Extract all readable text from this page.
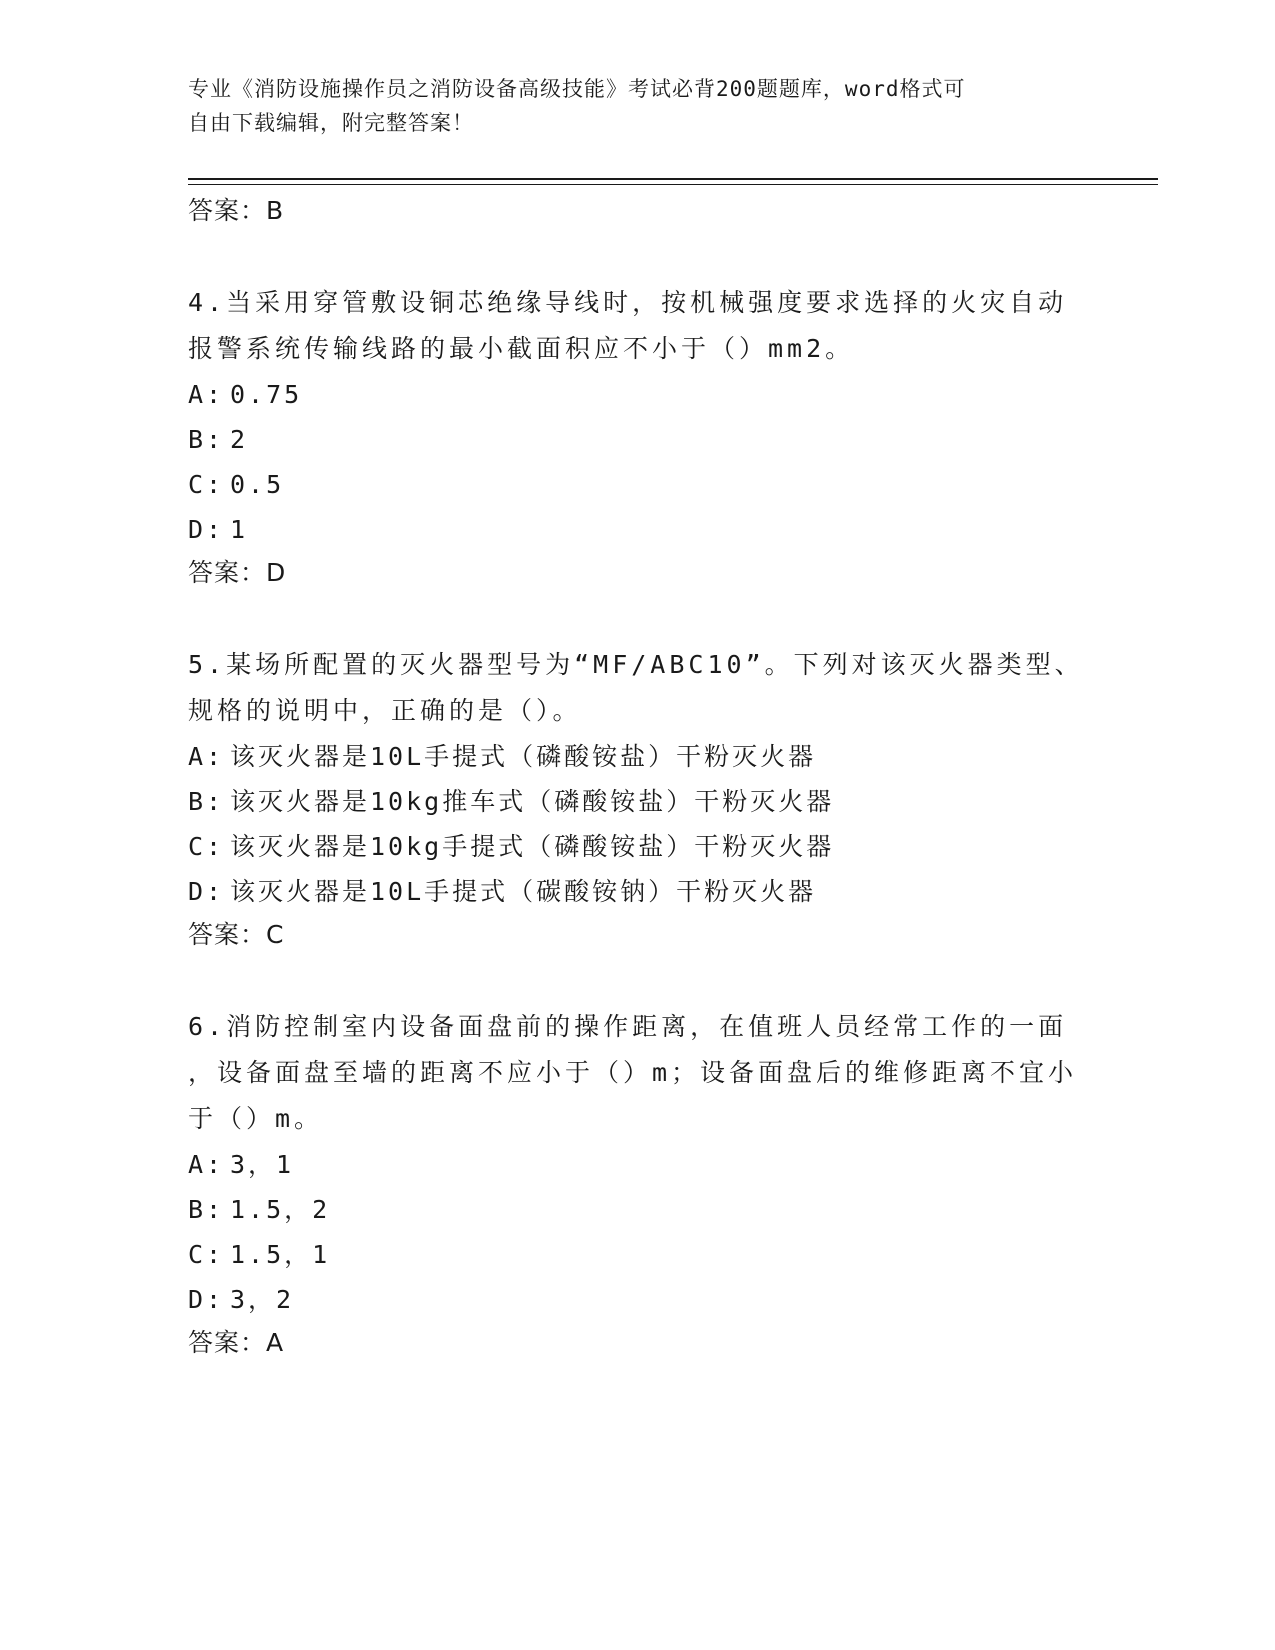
专业《消防设施操作员之消防设备高级技能》考试必背200题题库，word格式可
自由下载编辑，附完整答案！
答案：B
4.当采用穿管敷设铜芯绝缘导线时，按机械强度要求选择的火灾自动
报警系统传输线路的最小截面积应不小于（）mm2。
A: 0.75
B: 2
C: 0.5
D: 1
答案：D
5.某场所配置的灭火器型号为“MF/ABC10”。下列对该灭火器类型、
规格的说明中，正确的是（）。
A: 该灭火器是10L手提式（磷酸铵盐）干粉灭火器
B: 该灭火器是10kg推车式（磷酸铵盐）干粉灭火器
C: 该灭火器是10kg手提式（磷酸铵盐）干粉灭火器
D: 该灭火器是10L手提式（碳酸铵钠）干粉灭火器
答案：C
6.消防控制室内设备面盘前的操作距离，在值班人员经常工作的一面
，设备面盘至墙的距离不应小于（）m；设备面盘后的维修距离不宜小
于（）m。
A: 3，1
B: 1.5，2
C: 1.5，1
D: 3，2
答案：A
